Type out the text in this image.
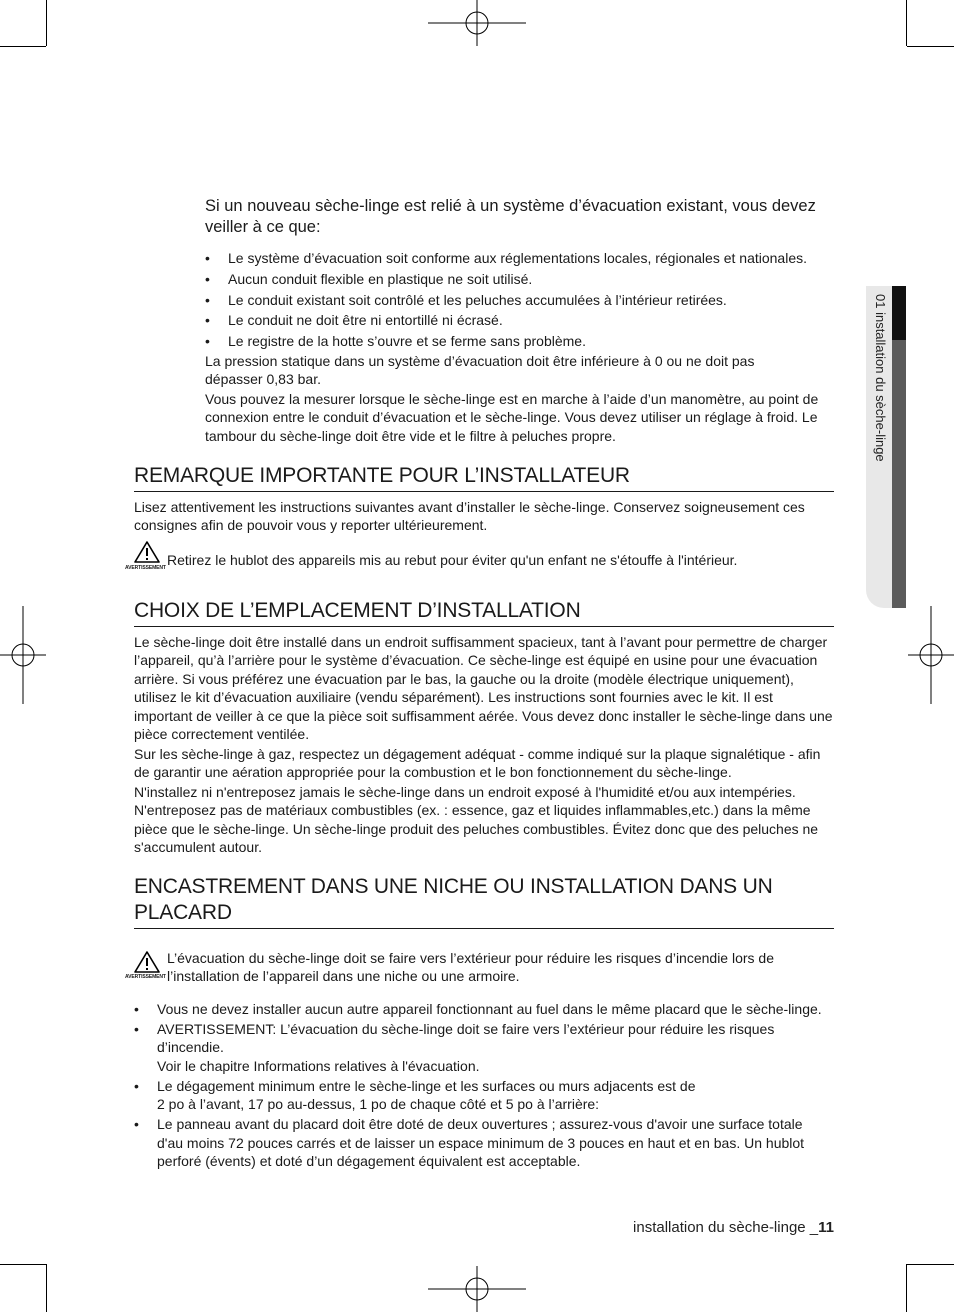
01 installation du sèche-linge
Si un nouveau sèche-linge est relié à un système d’évacuation existant, vous devez veiller à ce que:
• Le système d’évacuation soit conforme aux réglementations locales, régionales et nationales.
• Aucun conduit flexible en plastique ne soit utilisé.
• Le conduit existant soit contrôlé et les peluches accumulées à l’intérieur retirées.
• Le conduit ne doit être ni entortillé ni écrasé.
• Le registre de la hotte s’ouvre et se ferme sans problème.

La pression statique dans un système d’évacuation doit être inférieure à 0 ou ne doit pas dépasser 0,83 bar.

Vous pouvez la mesurer lorsque le sèche-linge est en marche à l’aide d’un manomètre, au point de connexion entre le conduit d’évacuation et le sèche-linge. Vous devez utiliser un réglage à froid. Le tambour du sèche-linge doit être vide et le filtre à peluches propre.

REMARQUE IMPORTANTE POUR L’INSTALLATEUR

Lisez attentivement les instructions suivantes avant d’installer le sèche-linge. Conservez soigneusement ces consignes afin de pouvoir vous y reporter ultérieurement.

AVERTISSEMENT Retirez le hublot des appareils mis au rebut pour éviter qu'un enfant ne s'étouffe à l'intérieur.

CHOIX DE L’EMPLACEMENT D’INSTALLATION

Le sèche-linge doit être installé dans un endroit suffisamment spacieux, tant à l’avant pour permettre de charger l’appareil, qu’à l’arrière pour le système d’évacuation. Ce sèche-linge est équipé en usine pour une évacuation arrière. Si vous préférez une évacuation par le bas, la gauche ou la droite (modèle électrique uniquement), utilisez le kit d’évacuation auxiliaire (vendu séparément). Les instructions sont fournies avec le kit. Il est important de veiller à ce que la pièce soit suffisamment aérée. Vous devez donc installer le sèche-linge dans une pièce correctement ventilée.

Sur les sèche-linge à gaz, respectez un dégagement adéquat - comme indiqué sur la plaque signalétique - afin de garantir une aération appropriée pour la combustion et le bon fonctionnement du sèche-linge.

N'installez ni n'entreposez jamais le sèche-linge dans un endroit exposé à l'humidité et/ou aux intempéries. N'entreposez pas de matériaux combustibles (ex. : essence, gaz et liquides inflammables,etc.) dans la même pièce que le sèche-linge. Un sèche-linge produit des peluches combustibles. Évitez donc que des peluches ne s'accumulent autour.

ENCASTREMENT DANS UNE NICHE OU INSTALLATION DANS UN PLACARD
AVERTISSEMENT

L’évacuation du sèche-linge doit se faire vers l’extérieur pour réduire les risques d’incendie lors de l’installation de l’appareil dans une niche ou une armoire.

• Vous ne devez installer aucun autre appareil fonctionnant au fuel dans le même placard que le sèche-linge.
• AVERTISSEMENT: L’évacuation du sèche-linge doit se faire vers l’extérieur pour réduire les risques d’incendie.
Voir le chapitre Informations relatives à l'évacuation.
• Le dégagement minimum entre le sèche-linge et les surfaces ou murs adjacents est de
2 po à l’avant, 17 po au-dessus, 1 po de chaque côté et 5 po à l’arrière:
• Le panneau avant du placard doit être doté de deux ouvertures ; assurez-vous d'avoir une surface totale d'au moins 72 pouces carrés et de laisser un espace minimum de 3 pouces en haut et en bas. Un hublot perforé (évents) et doté d’un dégagement équivalent est acceptable.
installation du sèche-linge _11
